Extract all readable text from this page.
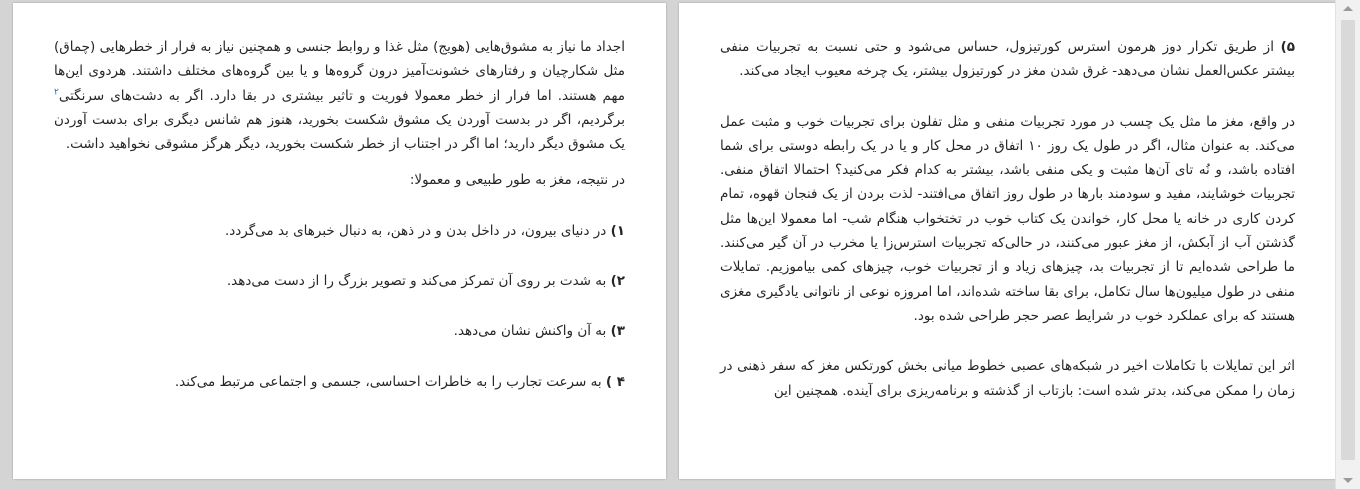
اجداد ما نیاز به مشوق‌هایی (هویج) مثل غذا و روابط جنسی و همچنین نیاز به فرار از خطرهایی (چماق) مثل شکارچیان و رفتارهای خشونت‌آمیز درون گروه‌ها و یا بین گروه‌های مختلف داشتند. هردوی این‌ها مهم هستند. اما فرار از خطر معمولا فوریت و تاثیر بیشتری در بقا دارد. اگر به دشت‌های سرنگتی$^۲$ برگردیم، اگر در بدست آوردن یک مشوق شکست بخورید، هنوز هم شانس دیگری برای بدست آوردن یک مشوق دیگر دارید؛ اما اگر در اجتناب از خطر شکست بخورید، دیگر هرگز مشوقی نخواهید داشت.

در نتیجه، مغز به طور طبیعی و معمولا:

۱) در دنیای بیرون، در داخل بدن و در ذهن، به دنبال خبرهای بد می‌گردد.

۲) به شدت بر روی آن تمرکز می‌کند و تصویر بزرگ را از دست می‌دهد.

۳) به آن واکنش نشان می‌دهد.

۴ ) به سرعت تجارب را به خاطرات احساسی، جسمی و اجتماعی مرتبط می‌کند.

۵) از طریق تکرار دوز هرمون استرس کورتیزول، حساس می‌شود و حتی نسبت به تجربیات منفی بیشتر عکس‌العمل نشان می‌دهد- غرق شدن مغز در کورتیزول بیشتر، یک چرخه معیوب ایجاد می‌کند.

در واقع، مغز ما مثل یک چسب در مورد تجربیات منفی و مثل تفلون برای تجربیات خوب و مثبت عمل می‌کند. به عنوان مثال، اگر در طول یک روز ۱۰ اتفاق در محل کار و یا در یک رابطه دوستی برای شما افتاده باشد، و نُه تای آن‌ها مثبت و یکی منفی باشد، بیشتر به کدام فکر می‌کنید؟ احتمالا اتفاق منفی. تجربیات خوشایند، مفید و سودمند بارها در طول روز اتفاق می‌افتند- لذت بردن از یک فنجان قهوه، تمام کردن کاری در خانه یا محل کار، خواندن یک کتاب خوب در تختخواب هنگام شب- اما معمولا این‌ها مثل گذشتن آب از آبکش، از مغز عبور می‌کنند، در حالی‌که تجربیات استرس‌زا یا مخرب در آن گیر می‌کنند. ما طراحی شده‌ایم تا از تجربیات بد، چیزهای زیاد و از تجربیات خوب، چیزهای کمی بیاموزیم. تمایلات منفی در طول میلیون‌ها سال تکامل، برای بقا ساخته شده‌اند، اما امروزه نوعی از ناتوانی یادگیری مغزی هستند که برای عملکرد خوب در شرایط عصر حجر طراحی شده بود.

اثر این تمایلات با تکاملات اخیر در شبکه‌های عصبی خطوط میانی بخش کورتکس مغز که سفر ذهنی در زمان را ممکن می‌کند، بدتر شده است: بازتاب از گذشته و برنامه‌ریزی برای آینده. همچنین این
